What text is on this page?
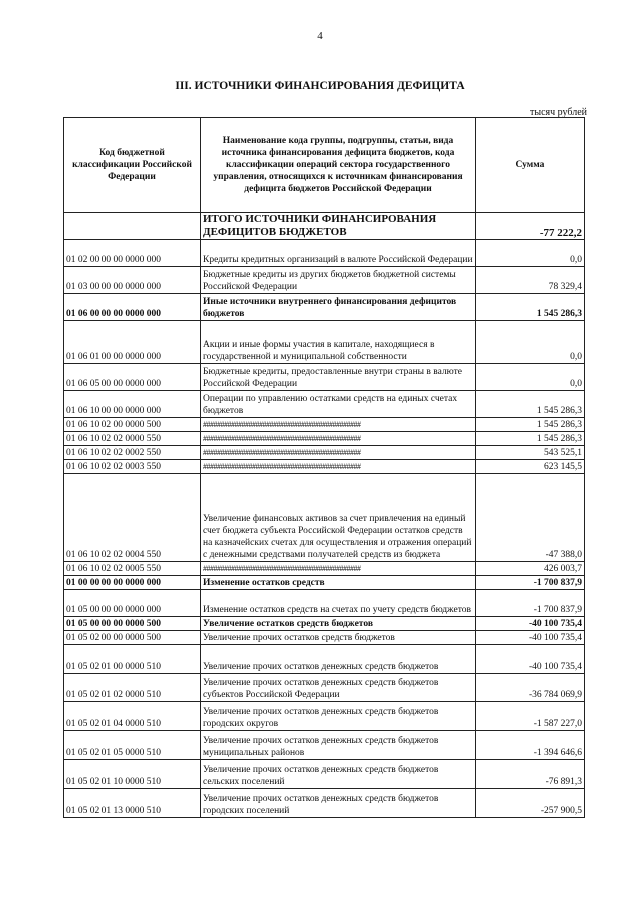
4
III. ИСТОЧНИКИ ФИНАНСИРОВАНИЯ ДЕФИЦИТА
тысяч рублей
Код бюджетной классификации Российской Федерации	Наименование кода группы, подгруппы, статьи, вида источника финансирования дефицита бюджетов, кода классификации операций сектора государственного управления, относящихся к источникам финансирования дефицита бюджетов Российской Федерации	Сумма
	ИТОГО ИСТОЧНИКИ ФИНАНСИРОВАНИЯ ДЕФИЦИТОВ БЮДЖЕТОВ	-77 222,2
01 02 00 00 00 0000 000	Кредиты кредитных организаций в валюте Российской Федерации	0,0
01 03 00 00 00 0000 000	Бюджетные кредиты из других бюджетов бюджетной системы Российской Федерации	78 329,4
01 06 00 00 00 0000 000	Иные источники внутреннего финансирования дефицитов бюджетов	1 545 286,3
01 06 01 00 00 0000 000	Акции и иные формы участия в капитале, находящиеся в государственной и муниципальной собственности	0,0
01 06 05 00 00 0000 000	Бюджетные кредиты, предоставленные внутри страны в валюте Российской Федерации	0,0
01 06 10 00 00 0000 000	Операции по управлению остатками средств на единых счетах бюджетов	1 545 286,3
01 06 10 02 00 0000 500	#############################################	1 545 286,3
01 06 10 02 02 0000 550	#############################################	1 545 286,3
01 06 10 02 02 0002 550	#############################################	543 525,1
01 06 10 02 02 0003 550	#############################################	623 145,5
01 06 10 02 02 0004 550	Увеличение финансовых активов за счет привлечения на единый счет бюджета субъекта Российской Федерации остатков средств на казначейских счетах для осуществления и отражения операций с денежными средствами получателей средств из бюджета	-47 388,0
01 06 10 02 02 0005 550	#############################################	426 003,7
01 00 00 00 00 0000 000	Изменение остатков средств	-1 700 837,9
01 05 00 00 00 0000 000	Изменение остатков средств на счетах по учету средств бюджетов	-1 700 837,9
01 05 00 00 00 0000 500	Увеличение остатков средств бюджетов	-40 100 735,4
01 05 02 00 00 0000 500	Увеличение прочих остатков средств бюджетов	-40 100 735,4
01 05 02 01 00 0000 510	Увеличение прочих остатков денежных средств бюджетов	-40 100 735,4
01 05 02 01 02 0000 510	Увеличение прочих остатков денежных средств бюджетов субъектов Российской Федерации	-36 784 069,9
01 05 02 01 04 0000 510	Увеличение прочих остатков денежных средств бюджетов городских округов	-1 587 227,0
01 05 02 01 05 0000 510	Увеличение прочих остатков денежных средств бюджетов муниципальных районов	-1 394 646,6
01 05 02 01 10 0000 510	Увеличение прочих остатков денежных средств бюджетов сельских поселений	-76 891,3
01 05 02 01 13 0000 510	Увеличение прочих остатков денежных средств бюджетов городских поселений	-257 900,5
